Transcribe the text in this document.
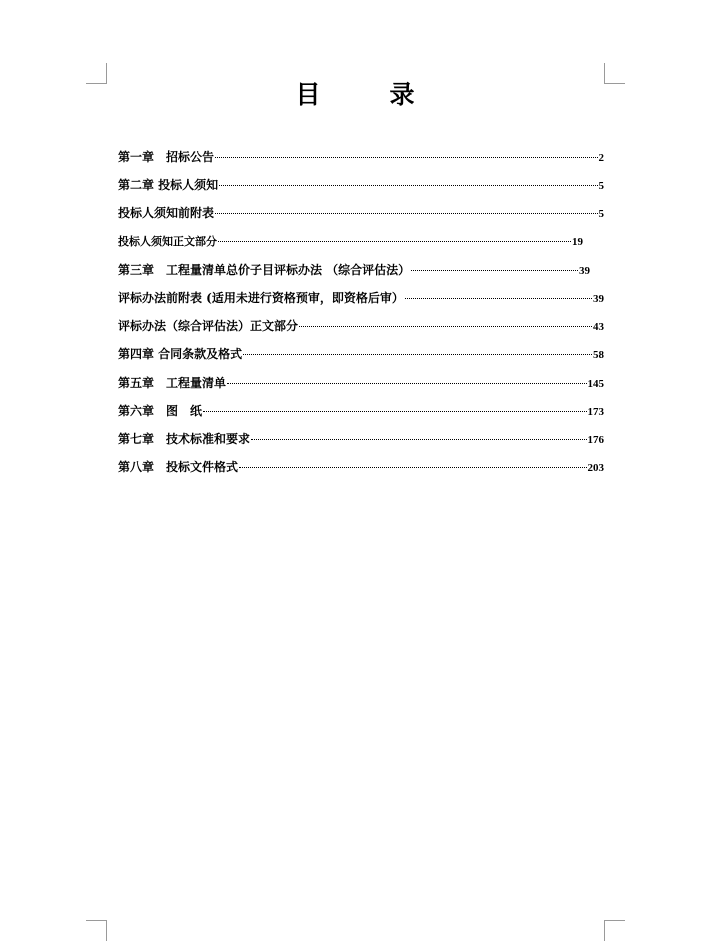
目　录
第一章　招标公告	2
第二章 投标人须知	5
投标人须知前附表	5
投标人须知正文部分	19
第三章　工程量清单总价子目评标办法 （综合评估法）	39
评标办法前附表 (适用未进行资格预审，即资格后审）	39
评标办法（综合评估法）正文部分	43
第四章 合同条款及格式	58
第五章　工程量清单	145
第六章　图　纸	173
第七章　技术标准和要求	176
第八章　投标文件格式	203
